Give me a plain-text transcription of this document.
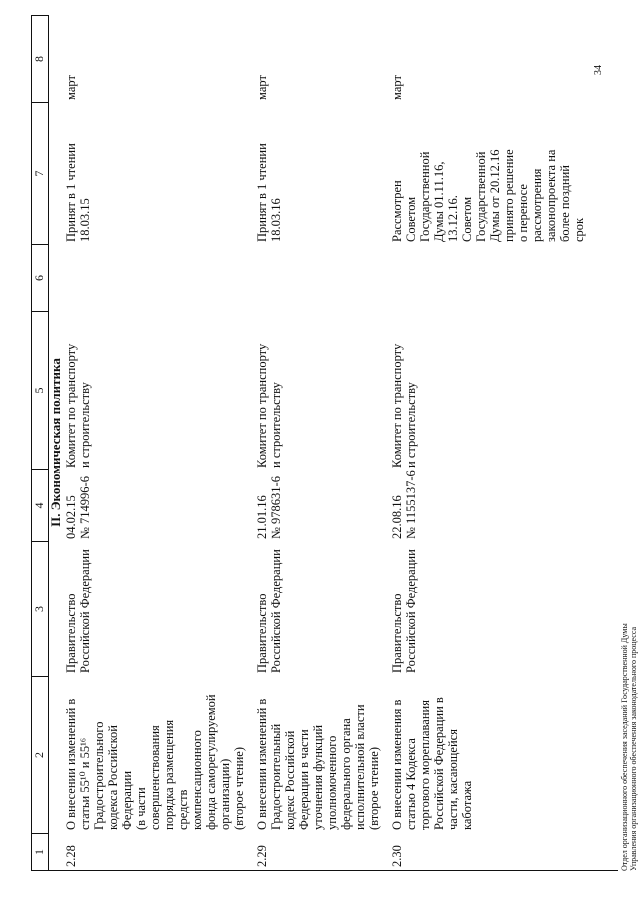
1
2
3
4
5
6
7
8
II. Экономическая политика
2.28
О внесении изменений в статьи 55¹⁰ и 55¹⁶ Градостроительного кодекса Российской Федерации (в части совершенствования порядка размещения средств компенсационного фонда саморегулируемой организации) (второе чтение)
Правительство Российской Федерации
04.02.15 № 714996-6
Комитет по транспорту и строительству
Принят в 1 чтении 18.03.15
март
2.29
О внесении изменений в Градостроительный кодекс Российской Федерации в части уточнения функций уполномоченного федерального органа исполнительной власти (второе чтение)
Правительство Российской Федерации
21.01.16 № 978631-6
Комитет по транспорту и строительству
Принят в 1 чтении 18.03.16
март
2.30
О внесении изменения в статью 4 Кодекса торгового мореплавания Российской Федерации в части, касающейся каботажа
Правительство Российской Федерации
22.08.16 № 1155137-6
Комитет по транспорту и строительству
Рассмотрен Советом Государственной Думы 01.11.16, 13.12.16. Советом Государственной Думы от 20.12.16 принято решение о переносе рассмотрения законопроекта на более поздний срок
март
34
Отдел организационного обеспечения заседаний Государственной Думы Управления организационного обеспечения законодательного процесса
